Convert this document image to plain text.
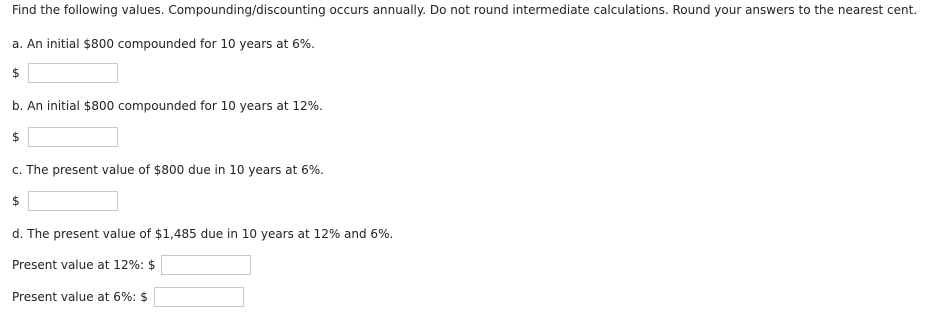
Find the following values. Compounding/discounting occurs annually. Do not round intermediate calculations. Round your answers to the nearest cent.
a. An initial $800 compounded for 10 years at 6%.
$
b. An initial $800 compounded for 10 years at 12%.
$
c. The present value of $800 due in 10 years at 6%.
$
d. The present value of $1,485 due in 10 years at 12% and 6%.
Present value at 12%: $
Present value at 6%: $
